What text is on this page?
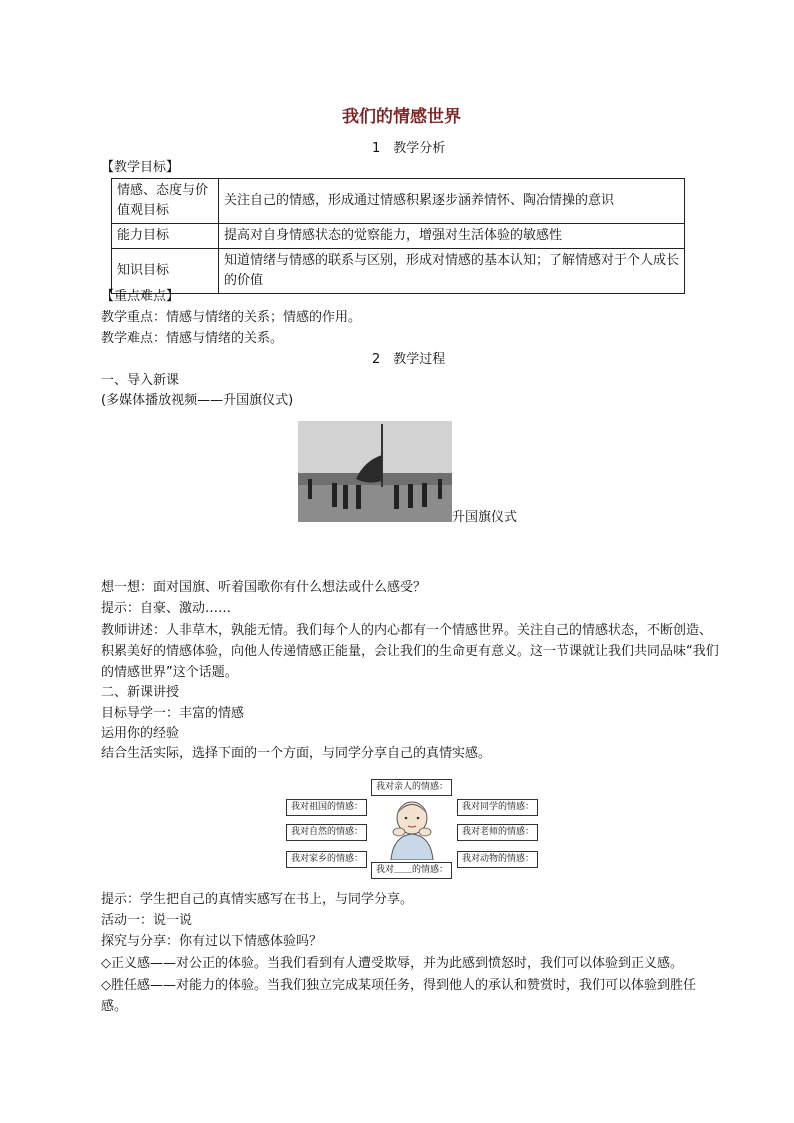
我们的情感世界
1　教学分析
【教学目标】
情感、态度与价值观目标	关注自己的情感，形成通过情感积累逐步涵养情怀、陶冶情操的意识
能力目标	提高对自身情感状态的觉察能力，增强对生活体验的敏感性
知识目标	知道情绪与情感的联系与区别，形成对情感的基本认知；了解情感对于个人成长的价值
【重点难点】
教学重点：情感与情绪的关系；情感的作用。
教学难点：情感与情绪的关系。
2　教学过程
一、导入新课
(多媒体播放视频——升国旗仪式)
升国旗仪式
想一想：面对国旗、听着国歌你有什么想法或什么感受？
提示：自豪、激动……
教师讲述：人非草木，孰能无情。我们每个人的内心都有一个情感世界。关注自己的情感状态，不断创造、积累美好的情感体验，向他人传递情感正能量，会让我们的生命更有意义。这一节课就让我们共同品味“我们的情感世界”这个话题。
二、新课讲授
目标导学一：丰富的情感
运用你的经验
结合生活实际，选择下面的一个方面，与同学分享自己的真情实感。
我对亲人的情感：
我对祖国的情感：
我对自然的情感：
我对家乡的情感：
我对同学的情感：
我对老师的情感：
我对动物的情感：
我对＿＿的情感：
提示：学生把自己的真情实感写在书上，与同学分享。
活动一：说一说
探究与分享：你有过以下情感体验吗？
◇正义感——对公正的体验。当我们看到有人遭受欺辱，并为此感到愤怒时，我们可以体验到正义感。
◇胜任感——对能力的体验。当我们独立完成某项任务，得到他人的承认和赞赏时，我们可以体验到胜任感。
